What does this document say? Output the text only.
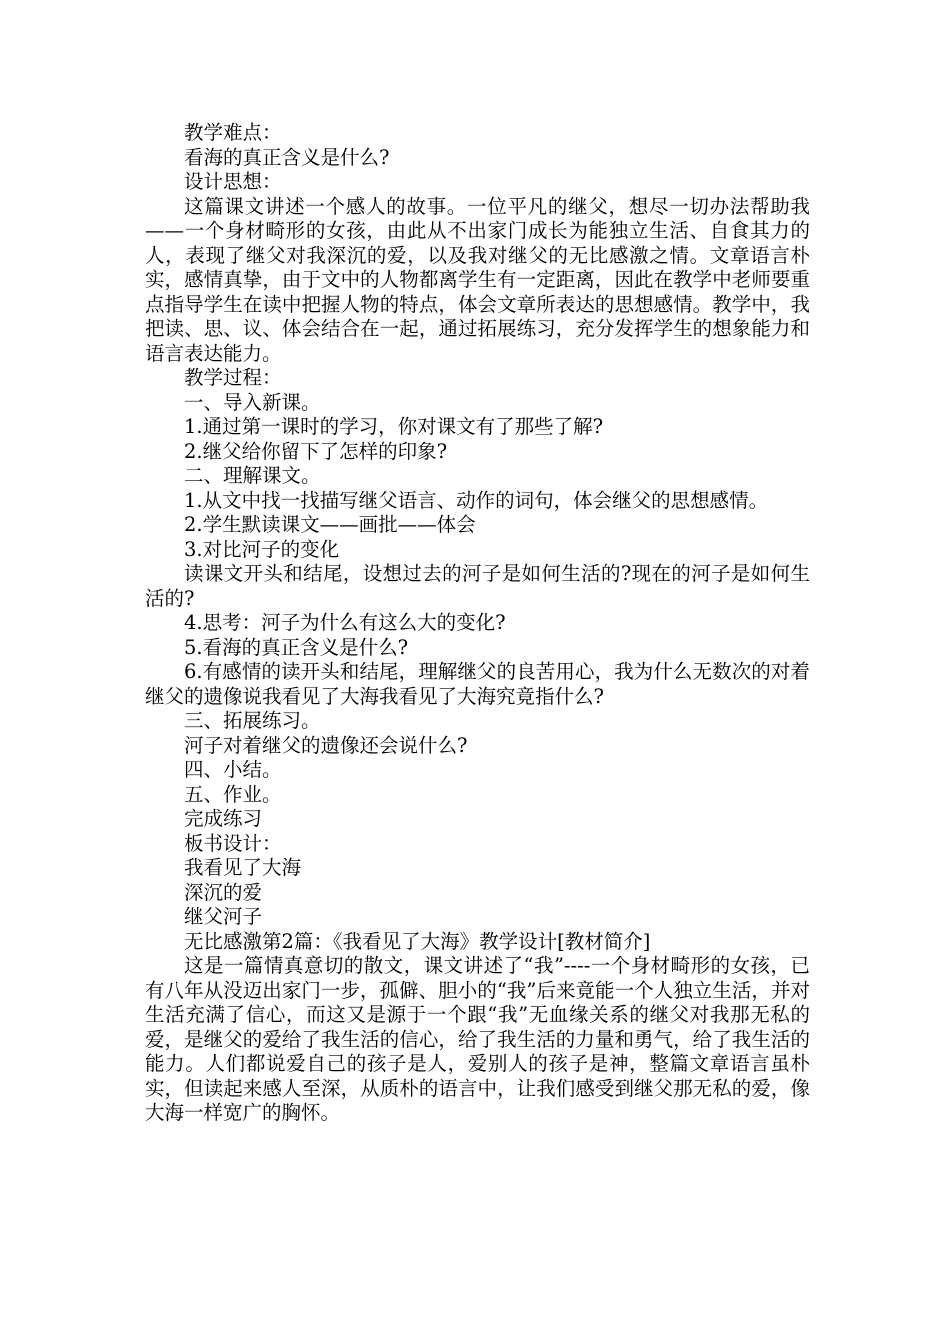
教学难点：

看海的真正含义是什么?

设计思想：

这篇课文讲述一个感人的故事。一位平凡的继父，想尽一切办法帮助我——一个身材畸形的女孩，由此从不出家门成长为能独立生活、自食其力的人，表现了继父对我深沉的爱，以及我对继父的无比感激之情。文章语言朴实，感情真挚，由于文中的人物都离学生有一定距离，因此在教学中老师要重点指导学生在读中把握人物的特点，体会文章所表达的思想感情。教学中，我把读、思、议、体会结合在一起，通过拓展练习，充分发挥学生的想象能力和语言表达能力。

教学过程：

一、导入新课。

1.通过第一课时的学习，你对课文有了那些了解?

2.继父给你留下了怎样的印象?

二、理解课文。

1.从文中找一找描写继父语言、动作的词句，体会继父的思想感情。

2.学生默读课文——画批——体会

3.对比河子的变化

读课文开头和结尾，设想过去的河子是如何生活的?现在的河子是如何生活的?

4.思考：河子为什么有这么大的变化?

5.看海的真正含义是什么?

6.有感情的读开头和结尾，理解继父的良苦用心，我为什么无数次的对着继父的遗像说我看见了大海我看见了大海究竟指什么?

三、拓展练习。

河子对着继父的遗像还会说什么?

四、小结。

五、作业。

完成练习

板书设计：

我看见了大海

深沉的爱

继父河子

无比感激第2篇：《我看见了大海》教学设计[教材简介]

这是一篇情真意切的散文，课文讲述了“我”----一个身材畸形的女孩，已有八年从没迈出家门一步，孤僻、胆小的“我”后来竟能一个人独立生活，并对生活充满了信心，而这又是源于一个跟“我”无血缘关系的继父对我那无私的爱，是继父的爱给了我生活的信心，给了我生活的力量和勇气，给了我生活的能力。人们都说爱自己的孩子是人，爱别人的孩子是神，整篇文章语言虽朴实，但读起来感人至深，从质朴的语言中，让我们感受到继父那无私的爱，像大海一样宽广的胸怀。
